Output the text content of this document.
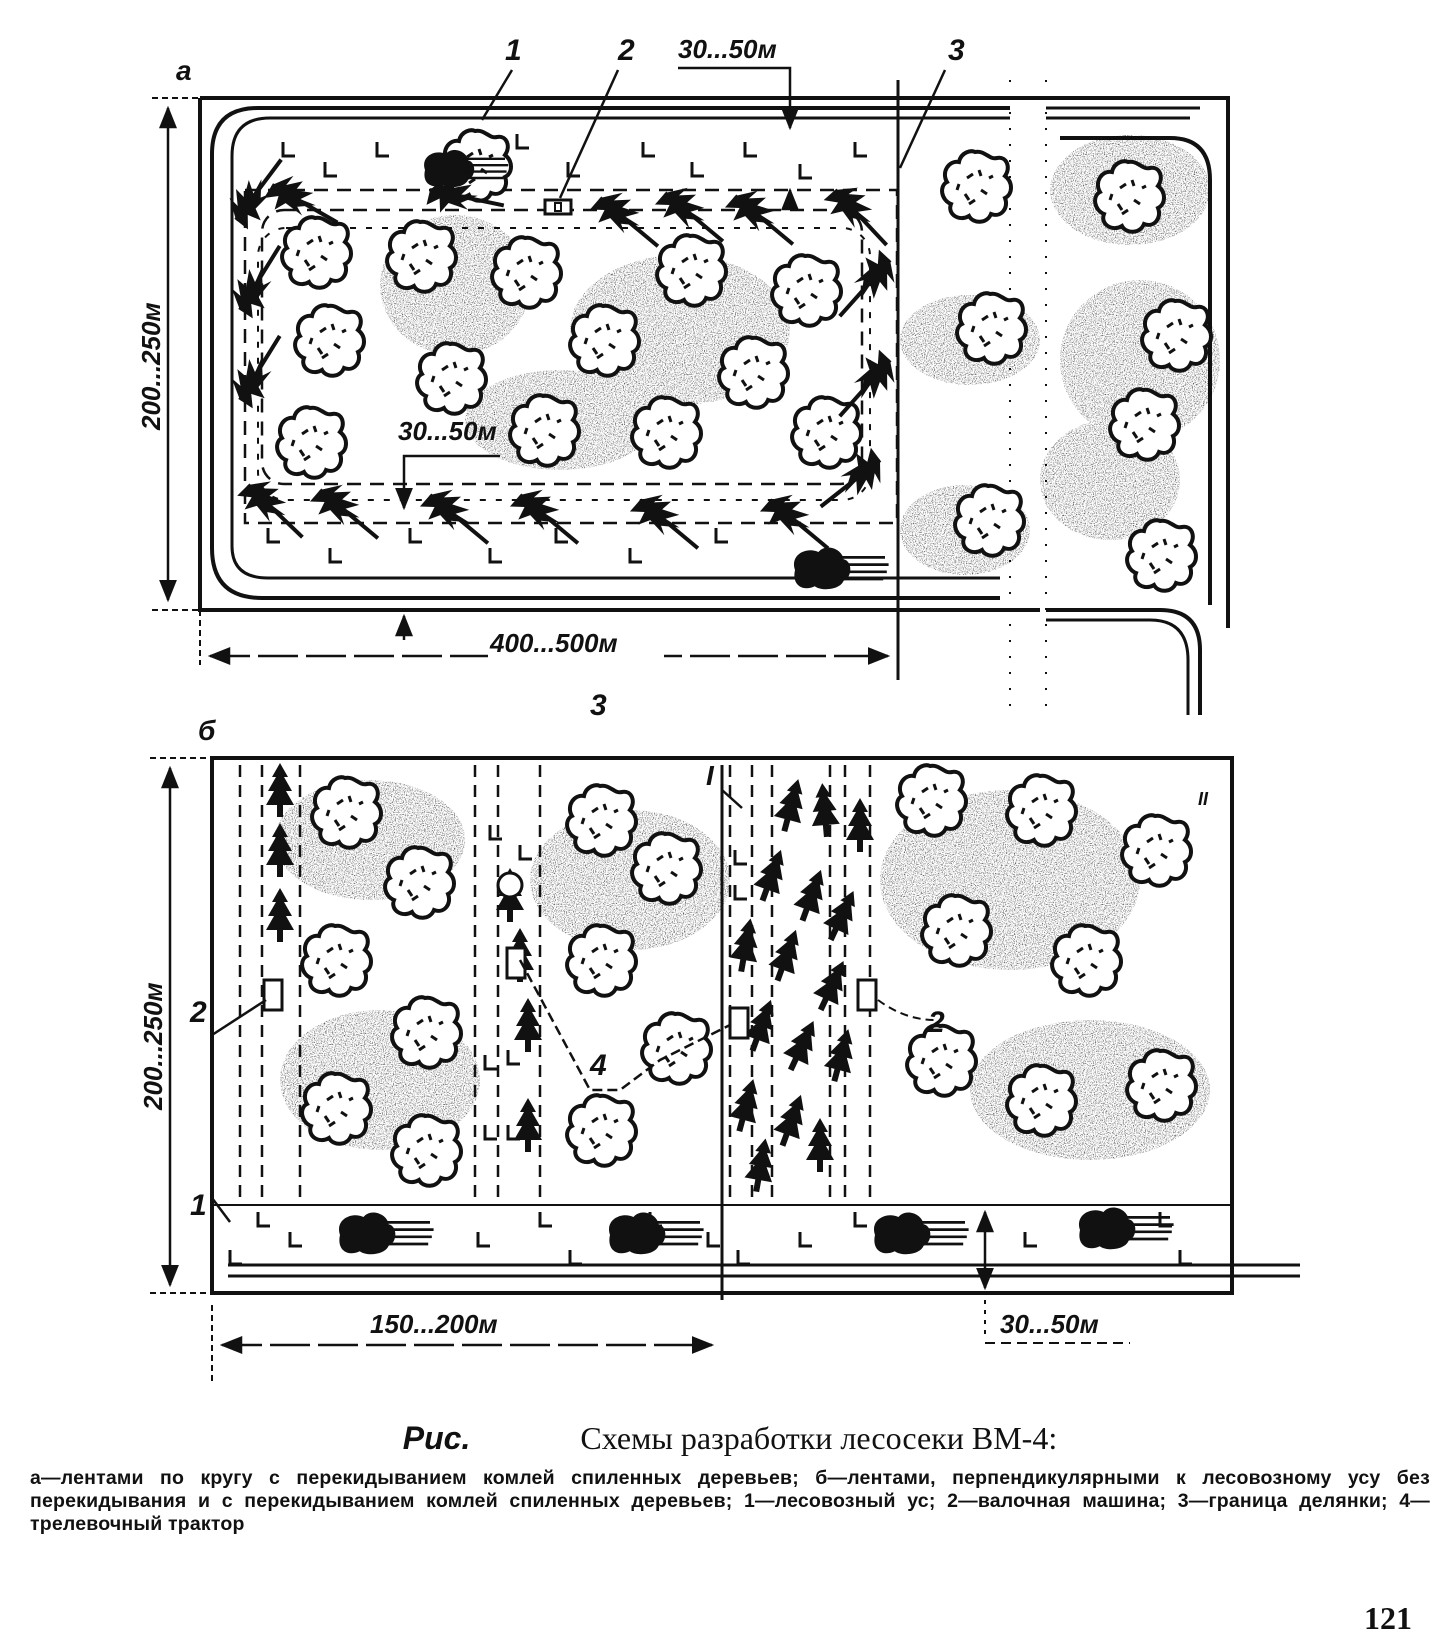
а
2
1	3
30...50м
30...50м
200...250м
400...500м
3
б
2	2
4
1
I
II
200...250м
150...200м	30...50м

Рис.	Схемы разработки лесосеки ВМ-4:

а—лентами по кругу с перекидыванием комлей спиленных деревьев; б—лентами, перпендикулярными к лесовозному усу без перекидывания и с перекидыванием комлей спиленных деревьев; 1—лесовозный ус; 2—валочная машина; 3—граница делянки; 4—трелевочный трактор

121
